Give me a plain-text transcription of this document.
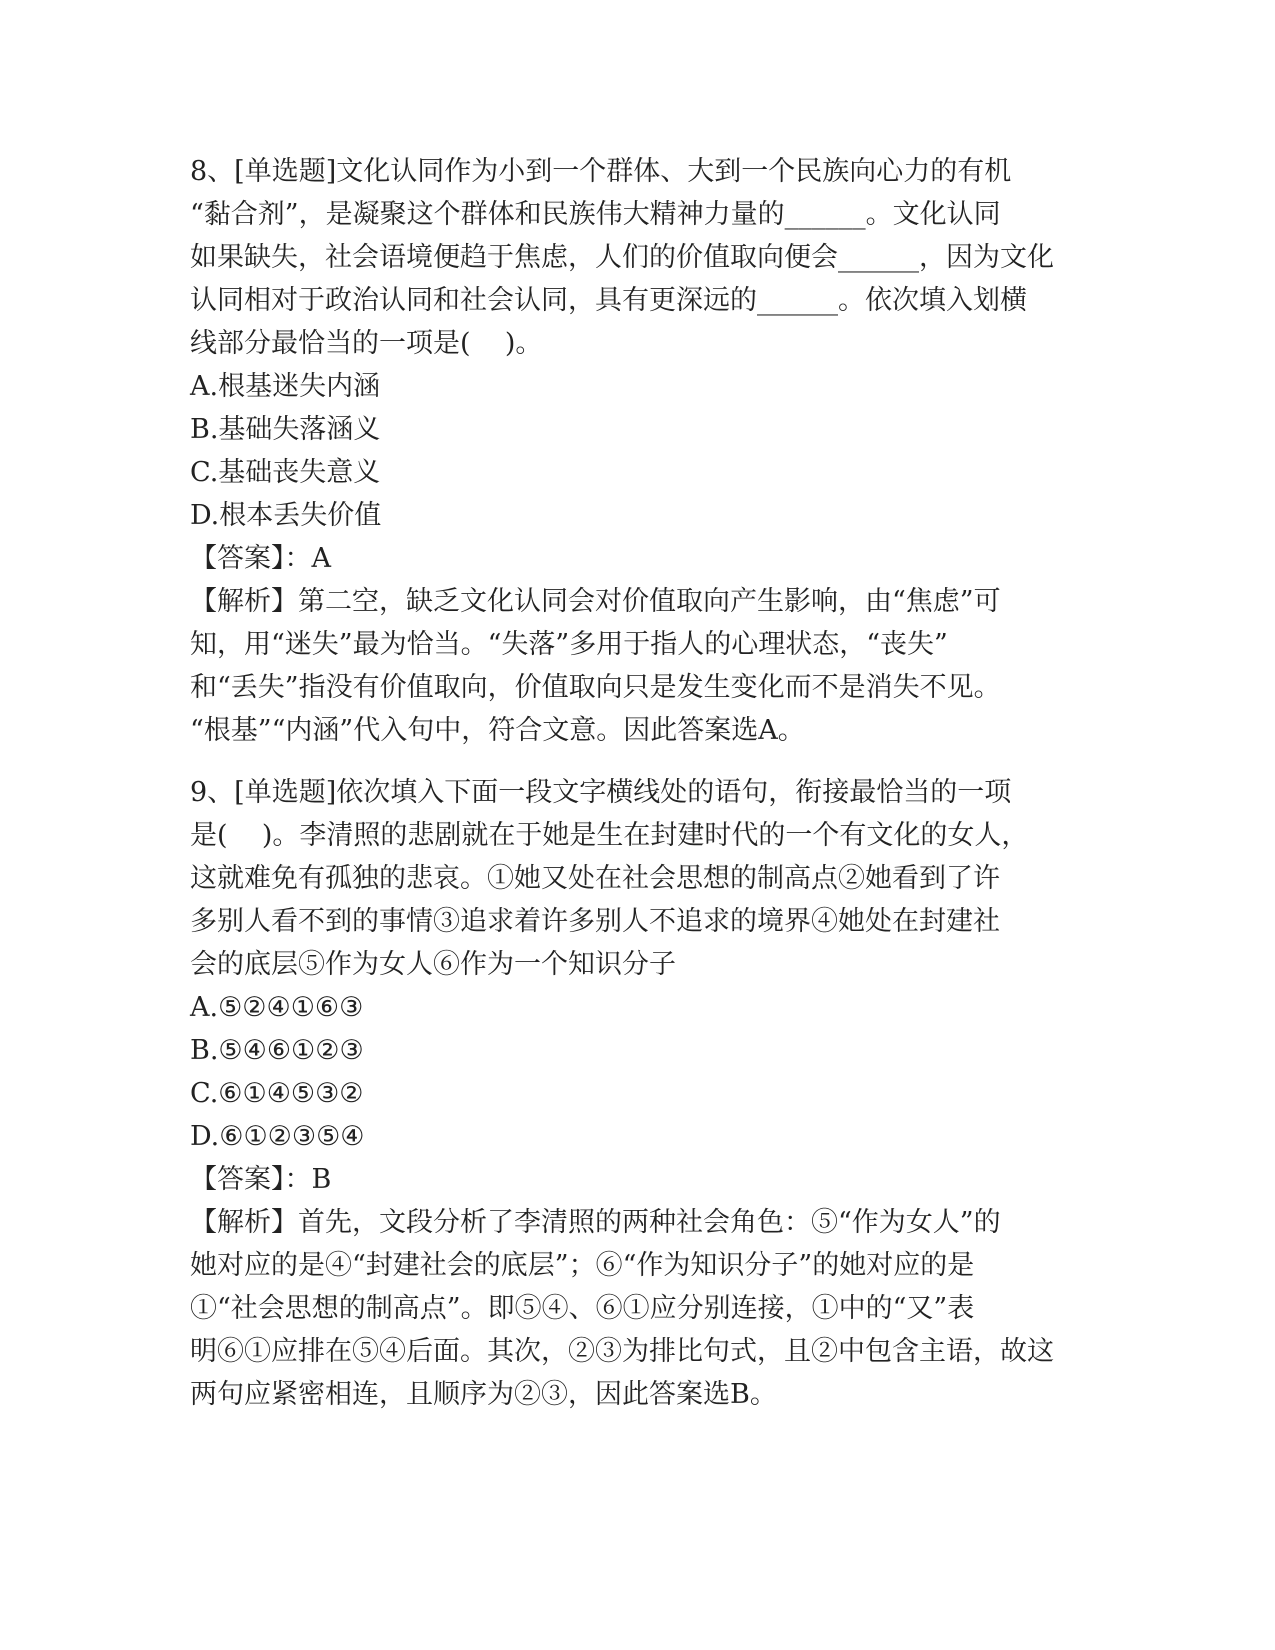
8、[单选题]文化认同作为小到一个群体、大到一个民族向心力的有机
“黏合剂”，是凝聚这个群体和民族伟大精神力量的______。文化认同
如果缺失，社会语境便趋于焦虑，人们的价值取向便会______，因为文化
认同相对于政治认同和社会认同，具有更深远的______。依次填入划横
线部分最恰当的一项是(    )。
A.根基迷失内涵
B.基础失落涵义
C.基础丧失意义
D.根本丢失价值
【答案】：A
【解析】第二空，缺乏文化认同会对价值取向产生影响，由“焦虑”可
知，用“迷失”最为恰当。“失落”多用于指人的心理状态，“丧失”
和“丢失”指没有价值取向，价值取向只是发生变化而不是消失不见。
“根基”“内涵”代入句中，符合文意。因此答案选A。
9、[单选题]依次填入下面一段文字横线处的语句，衔接最恰当的一项
是(    )。李清照的悲剧就在于她是生在封建时代的一个有文化的女人，
这就难免有孤独的悲哀。①她又处在社会思想的制高点②她看到了许
多别人看不到的事情③追求着许多别人不追求的境界④她处在封建社
会的底层⑤作为女人⑥作为一个知识分子
A.⑤②④①⑥③
B.⑤④⑥①②③
C.⑥①④⑤③②
D.⑥①②③⑤④
【答案】：B
【解析】首先，文段分析了李清照的两种社会角色：⑤“作为女人”的
她对应的是④“封建社会的底层”；⑥“作为知识分子”的她对应的是
①“社会思想的制高点”。即⑤④、⑥①应分别连接，①中的“又”表
明⑥①应排在⑤④后面。其次，②③为排比句式，且②中包含主语，故这
两句应紧密相连，且顺序为②③，因此答案选B。
